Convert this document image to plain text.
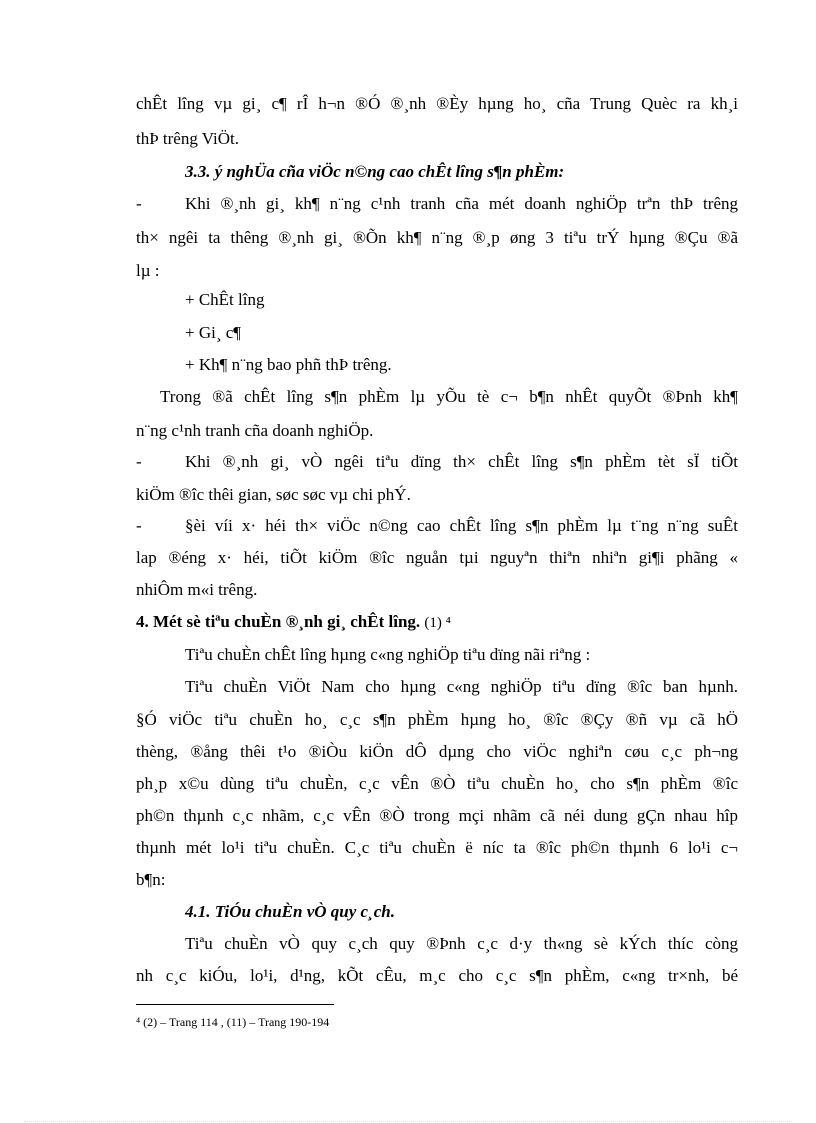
chÊt lîng vµ gi¸ c¶ rÎ h¬n ®Ó ®¸nh ®Èy hµng ho¸ cña Trung Quèc ra kh¸i
thÞ trêng ViÖt.
3.3. ý nghÜa cña viÖc n©ng cao chÊt lîng s¶n phÈm:
-	Khi ®¸nh gi¸ kh¶ n¨ng c¹nh tranh cña mét doanh nghiÖp trªn thÞ trêng
th× ngêi ta thêng ®¸nh gi¸ ®Õn kh¶ n¨ng ®¸p øng 3 tiªu trÝ hµng ®Çu ®ã
lµ :
+ ChÊt lîng
+ Gi¸ c¶
+ Kh¶ n¨ng bao phñ thÞ trêng.
Trong ®ã chÊt lîng s¶n phÈm lµ yÕu tè c¬ b¶n nhÊt quyÕt ®Þnh kh¶
n¨ng c¹nh tranh cña doanh nghiÖp.
-	Khi ®¸nh gi¸ vÒ ngêi tiªu dïng th× chÊt lîng s¶n phÈm tèt sÏ tiÕt
kiÖm ®îc thêi gian, søc søc vµ chi phÝ.
-	§èi víi x· héi th× viÖc n©ng cao chÊt lîng s¶n phÈm lµ t¨ng n¨ng suÊt
lap ®éng x· héi, tiÕt kiÖm ®îc nguån tµi nguyªn thiªn nhiªn gi¶i phãng «
nhiÔm m«i trêng.
4. Mét sè tiªu chuÈn ®¸nh gi¸ chÊt lîng. (1) ⁴
Tiªu chuÈn chÊt lîng hµng c«ng nghiÖp tiªu dïng nãi riªng :
Tiªu chuÈn ViÖt Nam cho hµng c«ng nghiÖp tiªu dïng ®îc ban hµnh.
§Ó viÖc tiªu chuÈn ho¸ c¸c s¶n phÈm hµng ho¸ ®îc ®Çy ®ñ vµ cã hÖ
thèng, ®ång thêi t¹o ®iÒu kiÖn dÔ dµng cho viÖc nghiªn cøu c¸c ph¬ng
ph¸p x©u dùng tiªu chuÈn, c¸c vÊn ®Ò tiªu chuÈn ho¸ cho s¶n phÈm ®îc
ph©n thµnh c¸c nhãm, c¸c vÊn ®Ò trong mçi nhãm cã néi dung gÇn nhau hîp
thµnh mét lo¹i tiªu chuÈn. C¸c tiªu chuÈn ë níc ta ®îc ph©n thµnh 6 lo¹i c¬
b¶n:
4.1. TiÓu chuÈn vÒ quy c¸ch.
Tiªu chuÈn vÒ quy c¸ch quy ®Þnh c¸c d·y th«ng sè kÝch thíc còng
nh c¸c kiÓu, lo¹i, d¹ng, kÕt cÊu, m¸c cho c¸c s¶n phÈm, c«ng tr×nh, bé
⁴ (2) – Trang 114 , (11) – Trang 190-194
